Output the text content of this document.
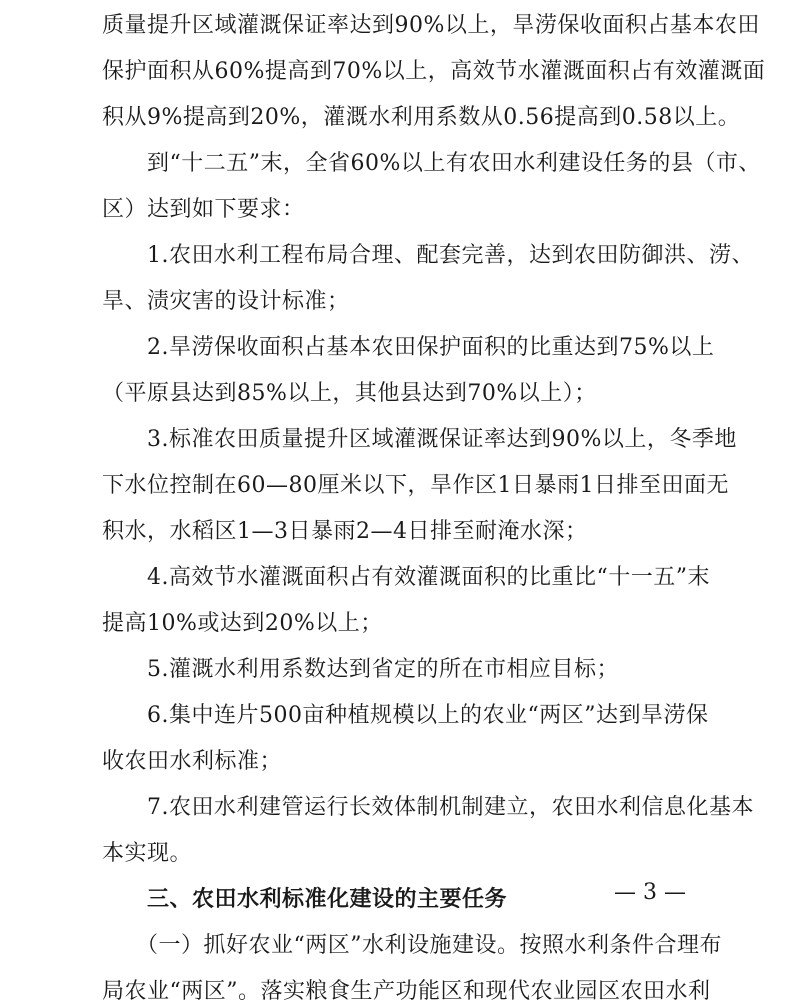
质量提升区域灌溉保证率达到90%以上，旱涝保收面积占基本农田

保护面积从60%提高到70%以上，高效节水灌溉面积占有效灌溉面

积从9%提高到20%，灌溉水利用系数从0.56提高到0.58以上。

　　到“十二五”末，全省60%以上有农田水利建设任务的县（市、

区）达到如下要求：

　　1.农田水利工程布局合理、配套完善，达到农田防御洪、涝、

旱、渍灾害的设计标准；

　　2.旱涝保收面积占基本农田保护面积的比重达到75%以上

（平原县达到85%以上，其他县达到70%以上）；

　　3.标准农田质量提升区域灌溉保证率达到90%以上，冬季地

下水位控制在60—80厘米以下，旱作区1日暴雨1日排至田面无

积水，水稻区1—3日暴雨2—4日排至耐淹水深；

　　4.高效节水灌溉面积占有效灌溉面积的比重比“十一五”末

提高10%或达到20%以上；

　　5.灌溉水利用系数达到省定的所在市相应目标；

　　6.集中连片500亩种植规模以上的农业“两区”达到旱涝保

收农田水利标准；

　　7.农田水利建管运行长效体制机制建立，农田水利信息化基本

本实现。

　　三、农田水利标准化建设的主要任务

　　（一）抓好农业“两区”水利设施建设。按照水利条件合理布

局农业“两区”。落实粮食生产功能区和现代农业园区农田水利

— 3 —
